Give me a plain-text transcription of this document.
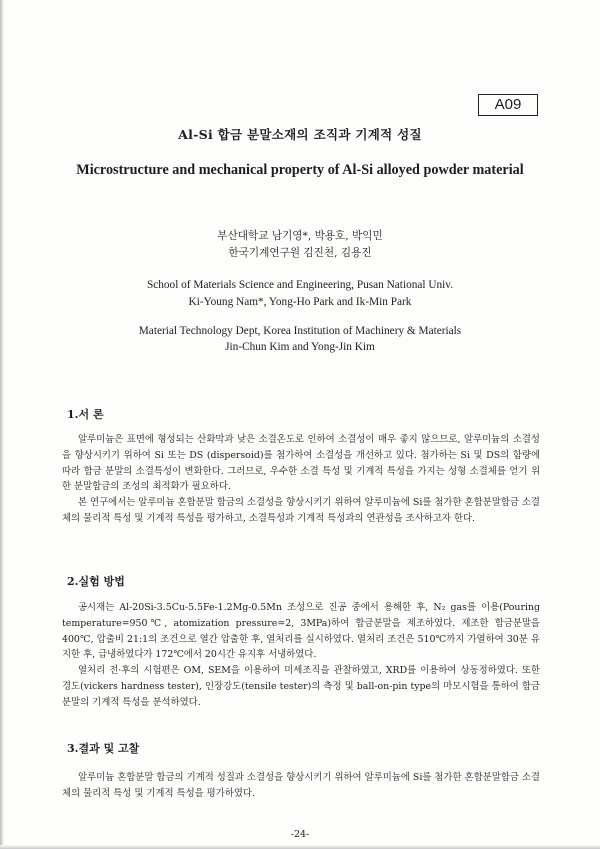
A09
Al-Si 합금 분말소재의 조직과 기계적 성질
Microstructure and mechanical property of Al-Si alloyed powder material
부산대학교 남기영*, 박용호, 박익민
한국기계연구원 김진천, 김용진
School of Materials Science and Engineering, Pusan National Univ.
Ki-Young Nam*, Yong-Ho Park and Ik-Min Park
Material Technology Dept, Korea Institution of Machinery & Materials
Jin-Chun Kim and Yong-Jin Kim
1.서 론

알루미늄은 표면에 형성되는 산화막과 낮은 소결온도로 인하여 소결성이 매우 좋지 않으므로, 알루미늄의 소결성을 향상시키기 위하여 Si 또는 DS (dispersoid)를 첨가하여 소결성을 개선하고 있다. 첨가하는 Si 및 DS의 함량에 따라 합금 분말의 소결특성이 변화한다. 그러므로, 우수한 소결 특성 및 기계적 특성을 가지는 성형 소결체를 얻기 위한 분말합금의 조성의 최적화가 필요하다.

본 연구에서는 알루미늄 혼합분말 합금의 소결성을 향상시키기 위하여 알루미늄에 Si를 첨가한 혼합분말합금 소결체의 물리적 특성 및 기계적 특성을 평가하고, 소결특성과 기계적 특성과의 연관성을 조사하고자 한다.

2.실험 방법

공시재는 Al-20Si-3.5Cu-5.5Fe-1.2Mg-0.5Mn 조성으로 진공 중에서 용해한 후, N₂ gas를 이용(Pouring temperature=950℃, atomization pressure=2, 3MPa)하여 합금분말을 제조하였다. 제조한 합금분말을 400℃, 압출비 21:1의 조건으로 열간 압출한 후, 열처리를 실시하였다. 열처리 조건은 510℃까지 가열하여 30분 유지한 후, 급냉하였다가 172℃에서 20시간 유지후 서냉하였다.

열처리 전·후의 시험편은 OM, SEM을 이용하여 미세조직을 관찰하였고, XRD를 이용하여 상동정하였다. 또한 경도(vickers hardness tester), 인장강도(tensile tester)의 측정 및 ball-on-pin type의 마모시험을 통하여 합금분말의 기계적 특성을 분석하였다.

3.결과 및 고찰

알루미늄 혼합분말 합금의 기계적 성질과 소결성을 향상시키기 위하여 알루미늄에 Si를 첨가한 혼합분말합금 소결체의 물리적 특성 및 기계적 특성을 평가하였다.

-24-
